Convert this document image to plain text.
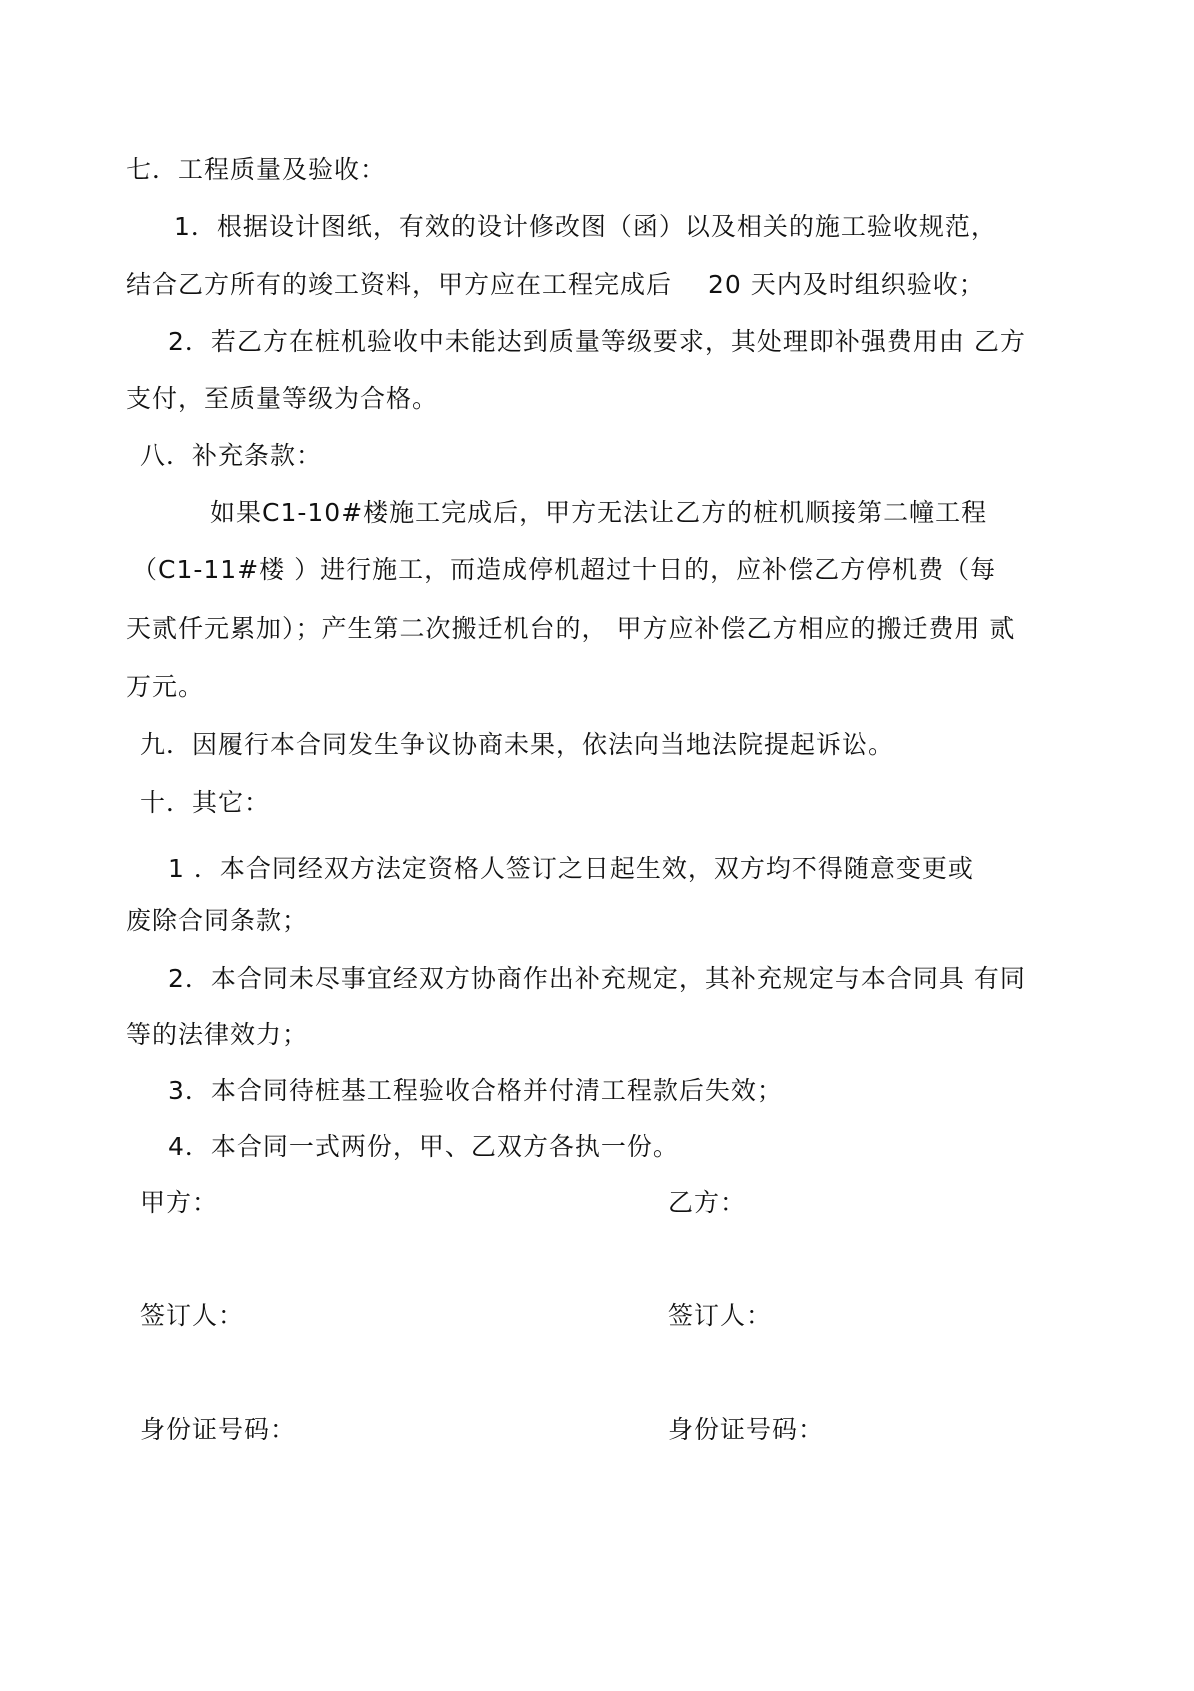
七．工程质量及验收：
1．根据设计图纸，有效的设计修改图（函）以及相关的施工验收规范，
结合乙方所有的竣工资料，甲方应在工程完成后 20 天内及时组织验收；
2．若乙方在桩机验收中未能达到质量等级要求，其处理即补强费用由 乙方
支付，至质量等级为合格。
八．补充条款：
如果C1-10#楼施工完成后，甲方无法让乙方的桩机顺接第二幢工程
（C1-11#楼 ）进行施工，而造成停机超过十日的，应补偿乙方停机费（每
天贰仟元累加）；产生第二次搬迁机台的， 甲方应补偿乙方相应的搬迁费用 贰
万元。
九．因履行本合同发生争议协商未果，依法向当地法院提起诉讼。
十．其它：
1 ．本合同经双方法定资格人签订之日起生效，双方均不得随意变更或
废除合同条款；
2．本合同未尽事宜经双方协商作出补充规定，其补充规定与本合同具 有同
等的法律效力；
3．本合同待桩基工程验收合格并付清工程款后失效；
4．本合同一式两份，甲、乙双方各执一份。
甲方：	乙方：
签订人：	签订人：
身份证号码：	身份证号码：
